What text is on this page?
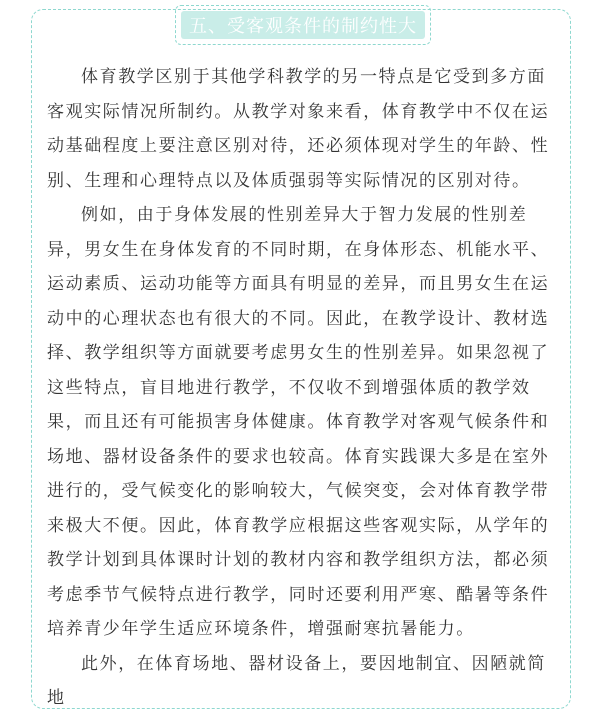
五、受客观条件的制约性大

体育教学区别于其他学科教学的另一特点是它受到多方面客观实际情况所制约。从教学对象来看，体育教学中不仅在运动基础程度上要注意区别对待，还必须体现对学生的年龄、性别、生理和心理特点以及体质强弱等实际情况的区别对待。

例如，由于身体发展的性别差异大于智力发展的性别差异，男女生在身体发育的不同时期，在身体形态、机能水平、运动素质、运动功能等方面具有明显的差异，而且男女生在运动中的心理状态也有很大的不同。因此，在教学设计、教材选择、教学组织等方面就要考虑男女生的性别差异。如果忽视了这些特点，盲目地进行教学，不仅收不到增强体质的教学效果，而且还有可能损害身体健康。体育教学对客观气候条件和场地、器材设备条件的要求也较高。体育实践课大多是在室外进行的，受气候变化的影响较大，气候突变，会对体育教学带来极大不便。因此，体育教学应根据这些客观实际，从学年的教学计划到具体课时计划的教材内容和教学组织方法，都必须考虑季节气候特点进行教学，同时还要利用严寒、酷暑等条件培养青少年学生适应环境条件，增强耐寒抗暑能力。

此外，在体育场地、器材设备上，要因地制宜、因陋就简地
